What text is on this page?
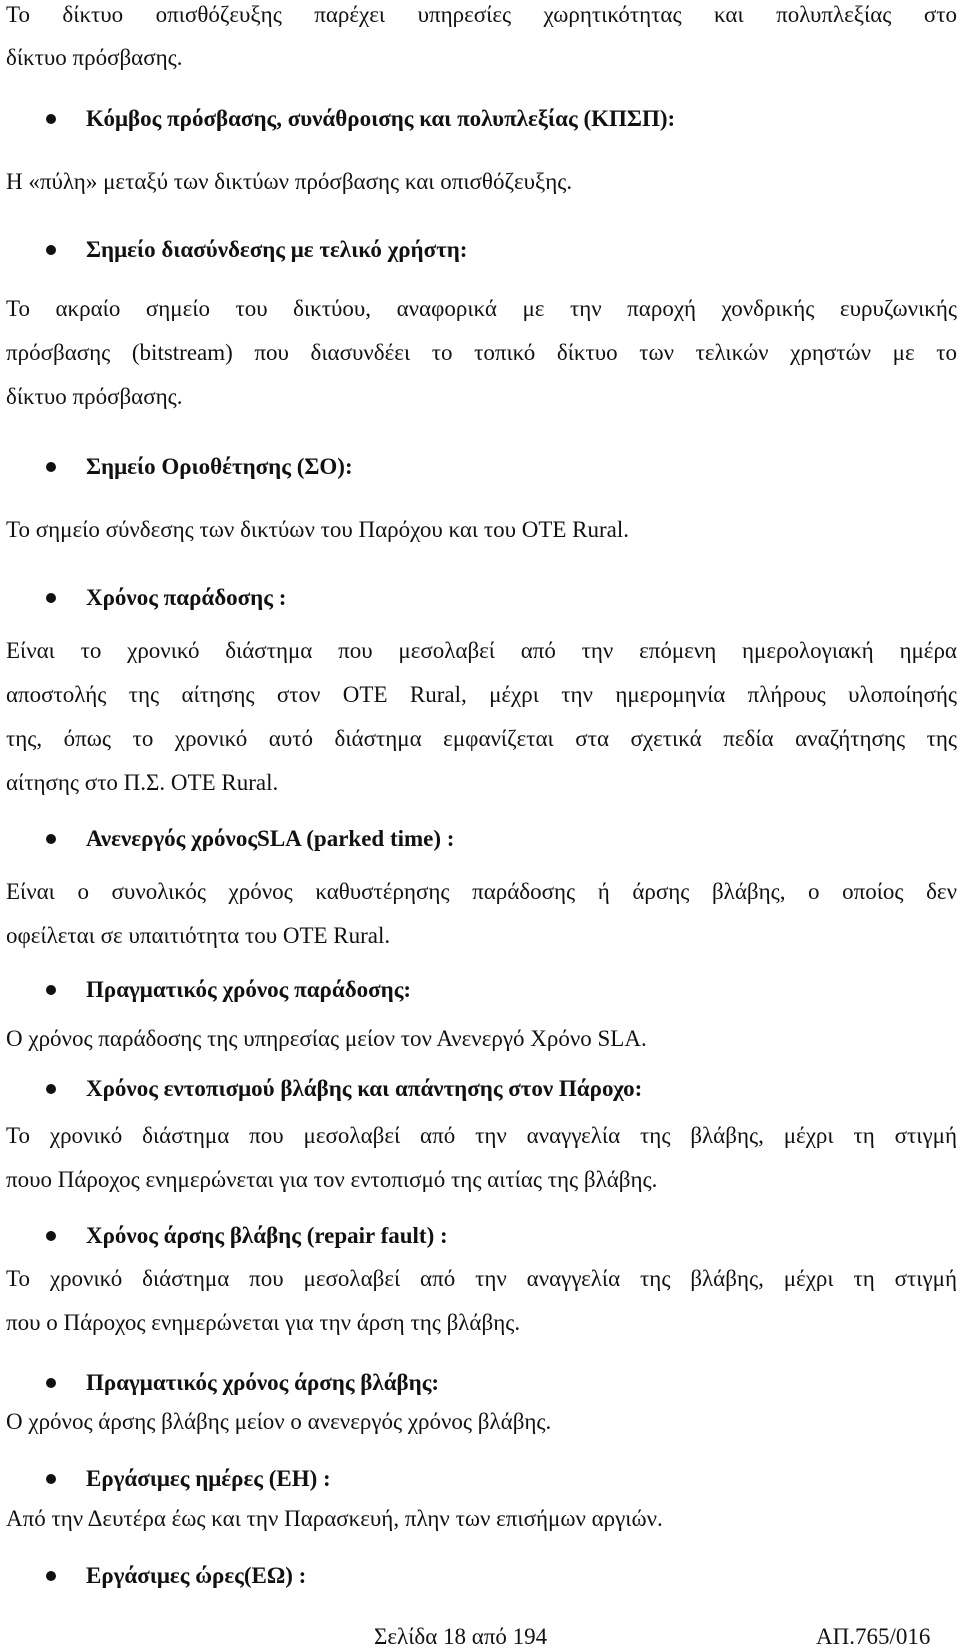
Το δίκτυο οπισθόζευξης παρέχει υπηρεσίες χωρητικότητας και πολυπλεξίας στο
δίκτυο πρόσβασης.
Κόμβος πρόσβασης, συνάθροισης και πολυπλεξίας (ΚΠΣΠ):
Η «πύλη» μεταξύ των δικτύων πρόσβασης και οπισθόζευξης.
Σημείο διασύνδεσης με τελικό χρήστη:
Το ακραίο σημείο του δικτύου, αναφορικά με την παροχή χονδρικής ευρυζωνικής
πρόσβασης (bitstream) που διασυνδέει το τοπικό δίκτυο των τελικών χρηστών με το
δίκτυο πρόσβασης.
Σημείο Οριοθέτησης (ΣΟ):
Το σημείο σύνδεσης των δικτύων του Παρόχου και του ΟΤΕ Rural.
Χρόνος παράδοσης :
Είναι το χρονικό διάστημα που μεσολαβεί από την επόμενη ημερολογιακή ημέρα
αποστολής της αίτησης στον ΟΤΕ Rural, μέχρι την ημερομηνία πλήρους υλοποίησής
της, όπως το χρονικό αυτό διάστημα εμφανίζεται στα σχετικά πεδία αναζήτησης της
αίτησης στο Π.Σ. ΟΤΕ Rural.
Ανενεργός χρόνοςSLA (parked time) :
Είναι ο συνολικός χρόνος καθυστέρησης παράδοσης ή άρσης βλάβης, ο οποίος δεν
οφείλεται σε υπαιτιότητα του ΟΤΕ Rural.
Πραγματικός χρόνος παράδοσης:
Ο χρόνος παράδοσης της υπηρεσίας μείον τον Ανενεργό Χρόνο SLA.
Χρόνος εντοπισμού βλάβης και απάντησης στον Πάροχο:
Το χρονικό διάστημα που μεσολαβεί από την αναγγελία της βλάβης, μέχρι τη στιγμή
πουο Πάροχος ενημερώνεται για τον εντοπισμό της αιτίας της βλάβης.
Χρόνος άρσης βλάβης (repair fault) :
Το χρονικό διάστημα που μεσολαβεί από την αναγγελία της βλάβης, μέχρι τη στιγμή
που ο Πάροχος ενημερώνεται για την άρση της βλάβης.
Πραγματικός χρόνος άρσης βλάβης:
Ο χρόνος άρσης βλάβης μείον ο ανενεργός χρόνος βλάβης.
Εργάσιμες ημέρες (ΕΗ) :
Από την Δευτέρα έως και την Παρασκευή, πλην των επισήμων αργιών.
Εργάσιμες ώρες(ΕΩ) :
Σελίδα 18 από 194	ΑΠ.765/016
